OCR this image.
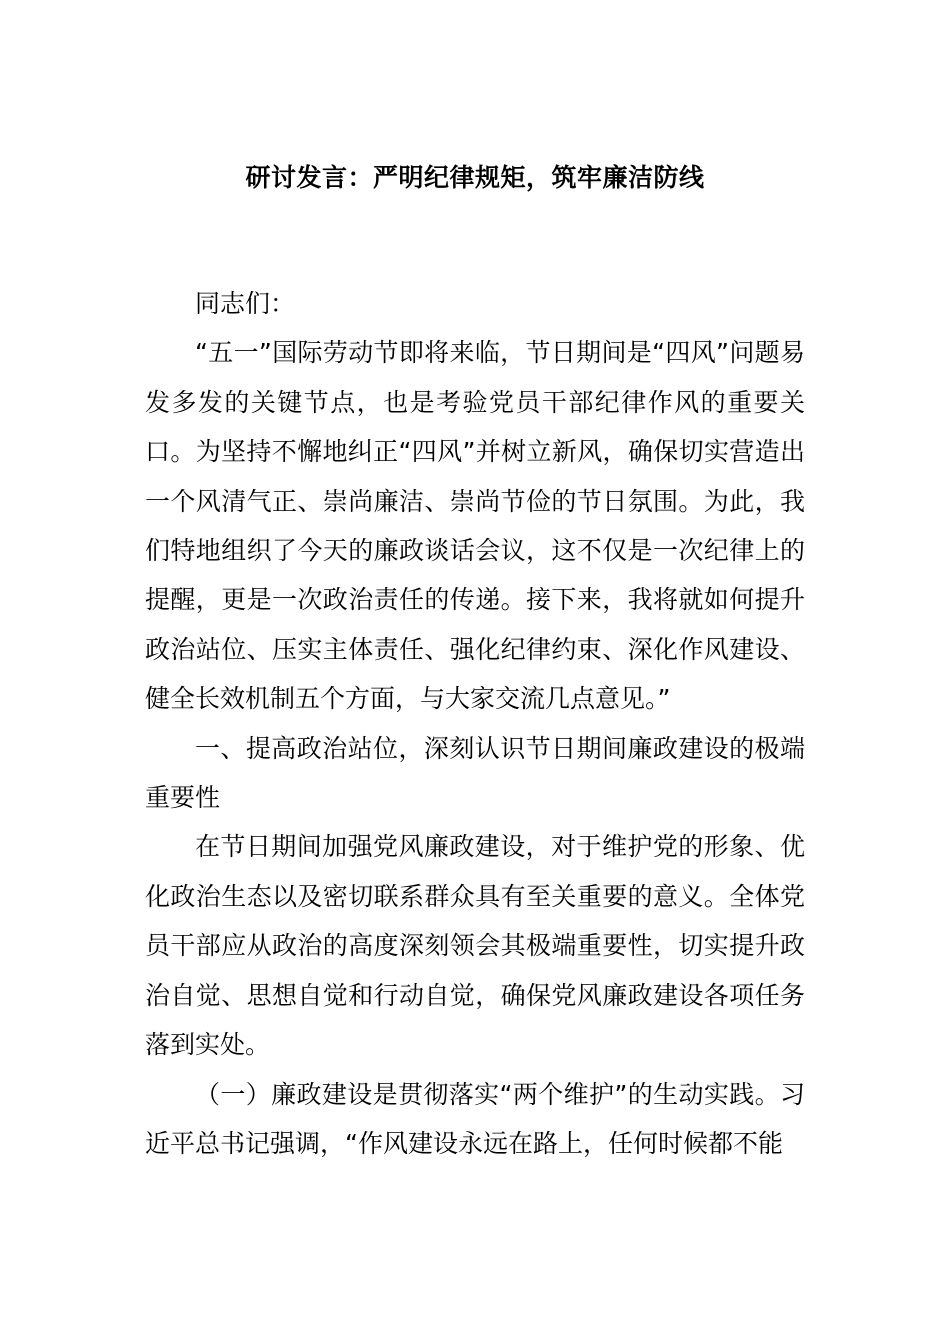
研讨发言：严明纪律规矩，筑牢廉洁防线

同志们：

“五一”国际劳动节即将来临，节日期间是“四风”问题易发多发的关键节点，也是考验党员干部纪律作风的重要关口。为坚持不懈地纠正“四风”并树立新风，确保切实营造出一个风清气正、崇尚廉洁、崇尚节俭的节日氛围。为此，我们特地组织了今天的廉政谈话会议，这不仅是一次纪律上的提醒，更是一次政治责任的传递。接下来，我将就如何提升政治站位、压实主体责任、强化纪律约束、深化作风建设、健全长效机制五个方面，与大家交流几点意见。”

一、提高政治站位，深刻认识节日期间廉政建设的极端重要性

在节日期间加强党风廉政建设，对于维护党的形象、优化政治生态以及密切联系群众具有至关重要的意义。全体党员干部应从政治的高度深刻领会其极端重要性，切实提升政治自觉、思想自觉和行动自觉，确保党风廉政建设各项任务落到实处。

（一）廉政建设是贯彻落实“两个维护”的生动实践。习近平总书记强调，“作风建设永远在路上，任何时候都不能
